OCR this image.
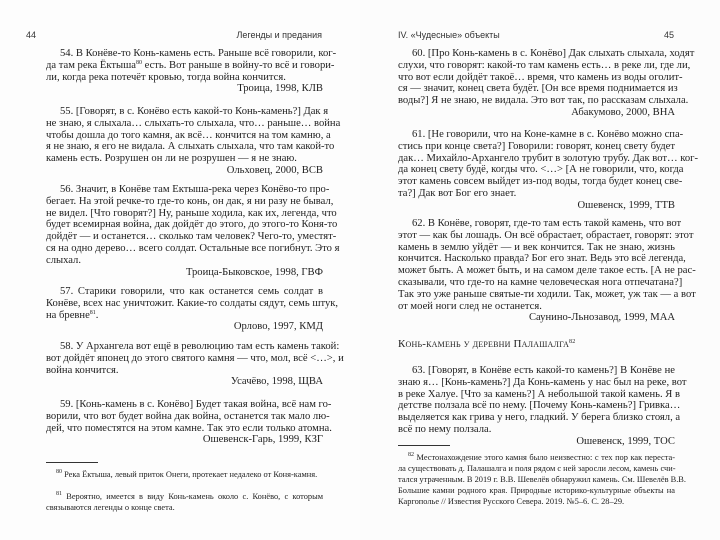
44	Легенды и предания
54. В Конёве-то Конь-камень есть. Раньше всё говорили, ког-
да там река Ёктыша$^{80}$ есть. Вот раньше в войну-то всё и говори-
ли, когда река потечёт кровью, тогда война кончится.
Троица, 1998, КЛВ
55. [Говорят, в с. Конёво есть какой-то Конь-камень?] Дак я
не знаю, я слыхала… слыхать-то слыхала, что… раньше… война
чтобы дошла до того камня, ак всё… кончится на том камню, а
я не знаю, я его не видала. А слыхать слыхала, что там какой-то
камень есть. Розрушен он ли не розрушен — я не знаю.
Ольховец, 2000, ВСВ
56. Значит, в Конёве там Ектыша-река через Конёво-то про-
бегает. На этой речке-то где-то конь, он дак, я ни разу не бывал,
не видел. [Что говорят?] Ну, раньше ходила, как их, легенда, что
будет всемирная война, дак дойдёт до этого, до этого-то Коня-то
дойдёт — и останется… сколько там человек? Чего-то, уместят-
ся на одно дерево… всего солдат. Остальные все погибнут. Это я
слыхал.
Троица-Быковское, 1998, ГВФ
57. Старики говорили, что как останется семь солдат в
Конёве, всех нас уничтожит. Какие-то солдаты сядут, семь штук,
на бревне$^{81}$.
Орлово, 1997, КМД
58. У Архангела вот ещё в революцию там есть камень такой:
вот дойдёт японец до этого святого камня — что, мол, всё <…>, и
война кончится.
Усачёво, 1998, ЩВА
59. [Конь-камень в с. Конёво] Будет такая война, всё нам го-
ворили, что вот будет война дак война, останется так мало лю-
дей, что поместятся на этом камне. Так это если только атомна.
Ошевенск-Гарь, 1999, КЗГ
$^{80}$ Река Ёктыша, левый приток Онеги, протекает недалеко от Коня-камня.
$^{81}$ Вероятно, имеется в виду Конь-камень около с. Конёво, с которым
связываются легенды о конце света.
IV. «Чудесные» объекты	45
60. [Про Конь-камень в с. Конёво] Дак слыхать слыхала, ходят
слухи, что говорят: какой-то там камень есть… в реке ли, где ли,
что вот если дойдёт такоё… время, что камень из воды оголит-
ся — значит, конец света будёт. [Он все время поднимается из
воды?] Я не знаю, не видала. Это вот так, по рассказам слыхала.
Абакумово, 2000, ВНА
61. [Не говорили, что на Коне-камне в с. Конёво можно спа-
стись при конце света?] Говорили: говорят, конец свету будет
дак… Михайло-Архангело трубит в золотую трубу. Дак вот… ког-
да конец свету будё, когды что. <…> [А не говорили, что, когда
этот камень совсем выйдет из-под воды, тогда будет конец све-
та?] Дак вот Бог его знает.
Ошевенск, 1999, ТТВ
62. В Конёве, говорят, где-то там есть такой камень, что вот
этот — как бы лошадь. Он всё обрастает, обрастает, говорят: этот
камень в землю уйдёт — и век кончится. Так не знаю, жизнь
кончится. Насколько правда? Бог его знат. Ведь это всё легенда,
может быть. А может быть, и на самом деле такое есть. [А не рас-
сказывали, что где-то на камне человеческая нога отпечатана?]
Так это уже раньше святые-ти ходили. Так, может, уж так — а вот
от моей ноги след не останется.
Саунино-Льнозавод, 1999, МАА
Конь-камень у деревни Палашалга$^{82}$
63. [Говорят, в Конёве есть какой-то камень?] В Конёве не
знаю я… [Конь-камень?] Да Конь-камень у нас был на реке, вот
в реке Халуе. [Что за камень?] А небольшой такой камень. Я в
детстве ползала всё по нему. [Почему Конь-камень?] Гривка…
выделяется как грива у него, гладкий. У берега близко стоял, а
всё по нему ползала.
Ошевенск, 1999, ТОС
$^{82}$ Местонахождение этого камня было неизвестно: с тех пор как переста-
ла существовать д. Палашалга и поля рядом с ней заросли лесом, камень счи-
тался утраченным. В 2019 г. В.В. Шевелёв обнаружил камень. См. Шевелёв В.В.
Большие камни родного края. Природные историко-культурные объекты на
Каргополье // Известия Русского Севера. 2019. №5–6. С. 28–29.
